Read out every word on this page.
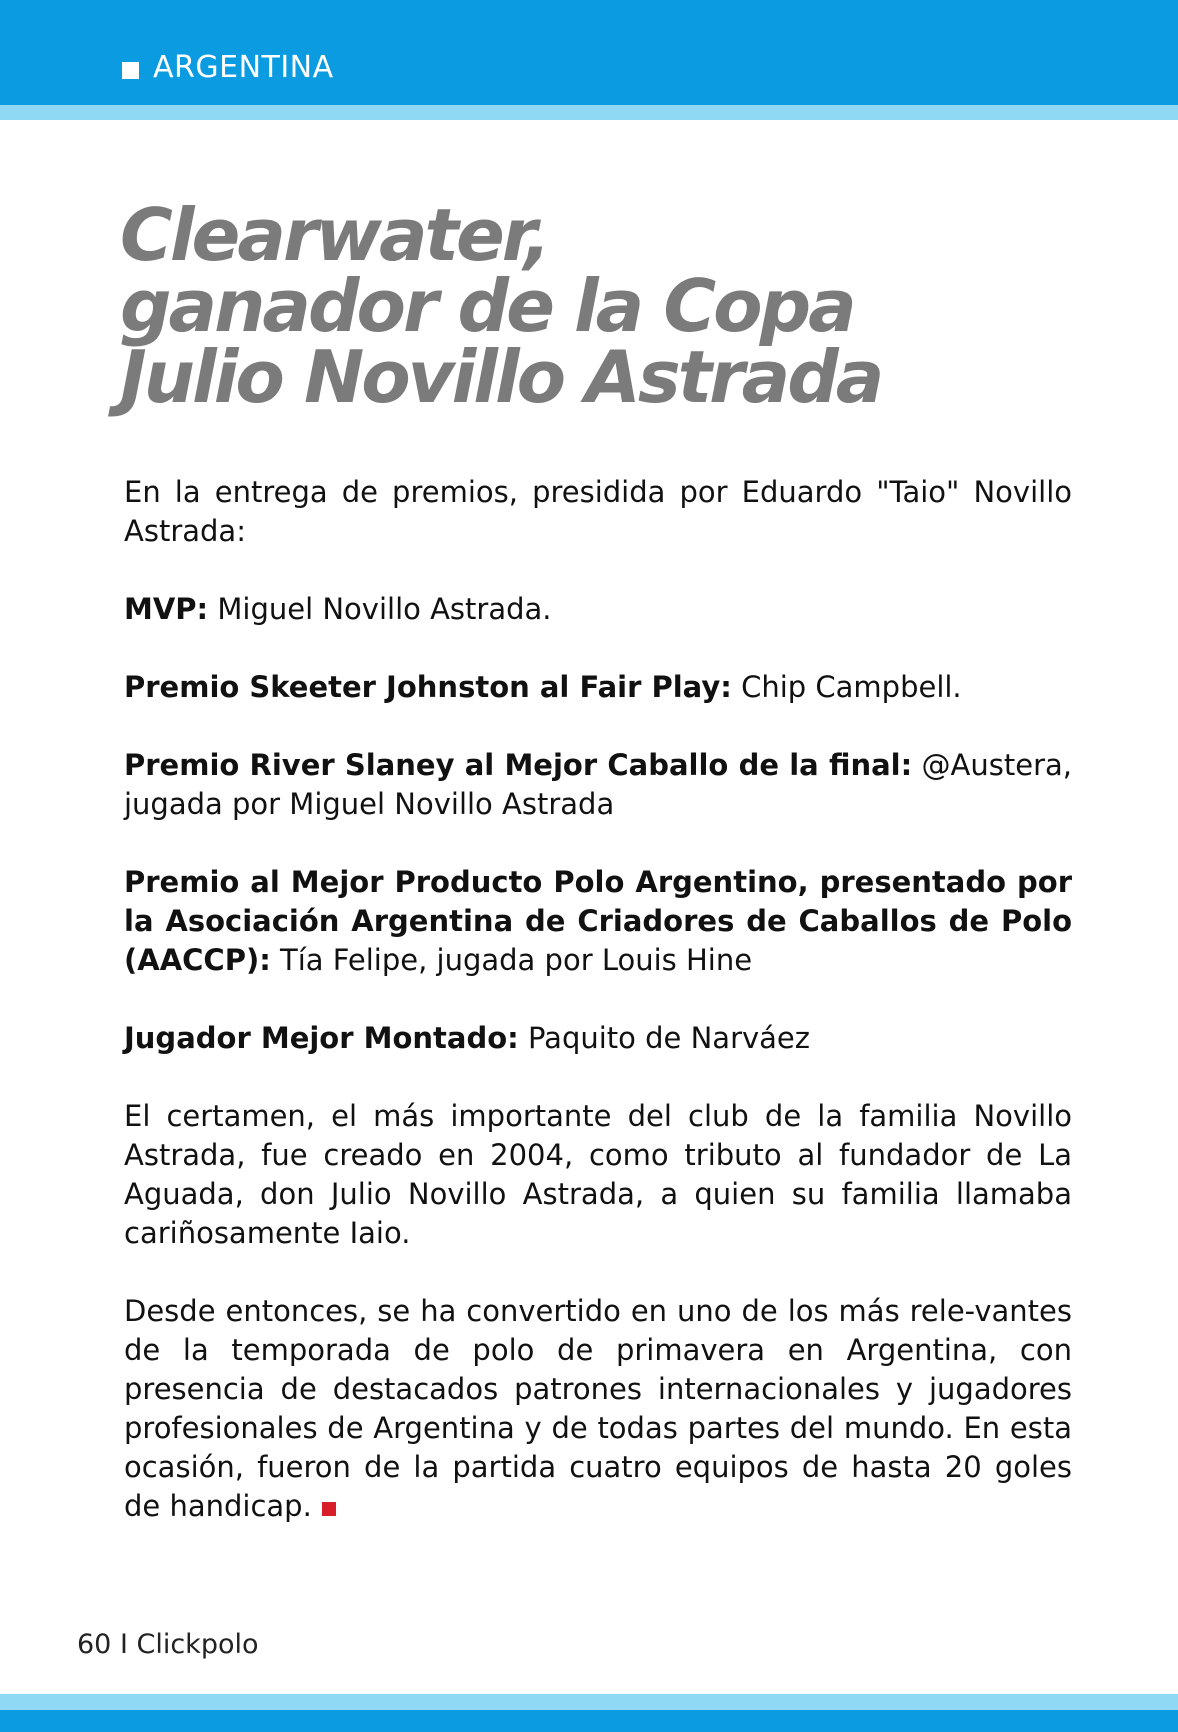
ARGENTINA
Clearwater,
ganador de la Copa
Julio Novillo Astrada

En la entrega de premios, presidida por Eduardo "Taio" Novillo Astrada:

MVP: Miguel Novillo Astrada.

Premio Skeeter Johnston al Fair Play: Chip Campbell.

Premio River Slaney al Mejor Caballo de la final: @Austera, jugada por Miguel Novillo Astrada

Premio al Mejor Producto Polo Argentino, presentado por la Asociación Argentina de Criadores de Caballos de Polo (AACCP): Tía Felipe, jugada por Louis Hine

Jugador Mejor Montado: Paquito de Narváez

El certamen, el más importante del club de la familia Novillo Astrada, fue creado en 2004, como tributo al fundador de La Aguada, don Julio Novillo Astrada, a quien su familia llamaba cariñosamente Iaio.

Desde entonces, se ha convertido en uno de los más rele-vantes de la temporada de polo de primavera en Argentina, con presencia de destacados patrones internacionales y jugadores profesionales de Argentina y de todas partes del mundo. En esta ocasión, fueron de la partida cuatro equipos de hasta 20 goles de handicap.

60 I Clickpolo
